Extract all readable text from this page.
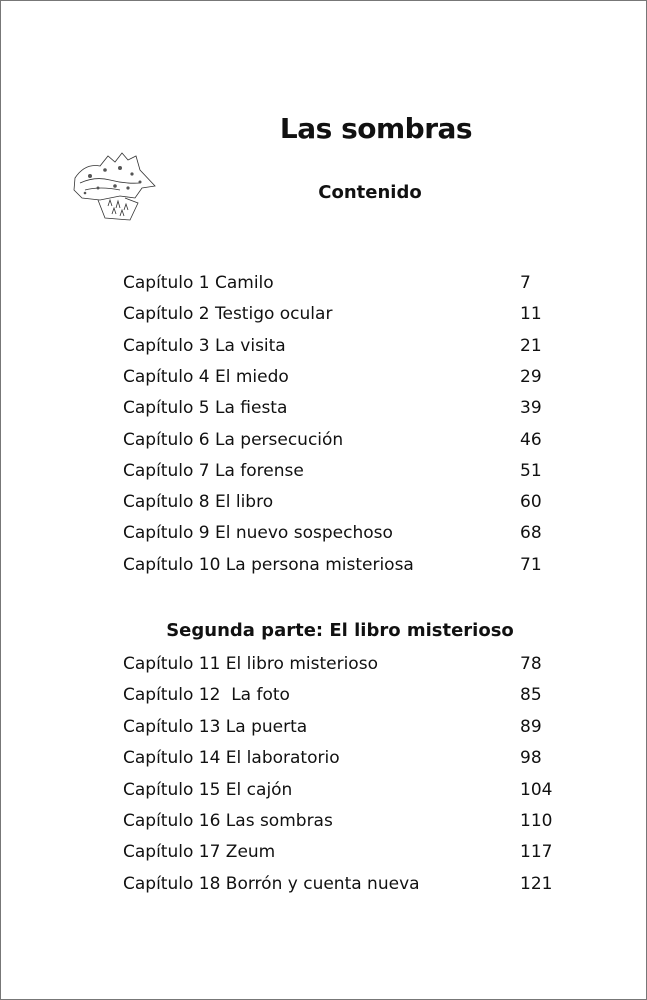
Las sombras
Contenido
Capítulo 1 Camilo	7
Capítulo 2 Testigo ocular	11
Capítulo 3 La visita	21
Capítulo 4 El miedo	29
Capítulo 5 La fiesta	39
Capítulo 6 La persecución	46
Capítulo 7 La forense	51
Capítulo 8 El libro	60
Capítulo 9 El nuevo sospechoso	68
Capítulo 10 La persona misteriosa	71
Segunda parte: El libro misterioso
Capítulo 11 El libro misterioso	78
Capítulo 12  La foto	85
Capítulo 13 La puerta	89
Capítulo 14 El laboratorio	98
Capítulo 15 El cajón	104
Capítulo 16 Las sombras	110
Capítulo 17 Zeum	117
Capítulo 18 Borrón y cuenta nueva	121
